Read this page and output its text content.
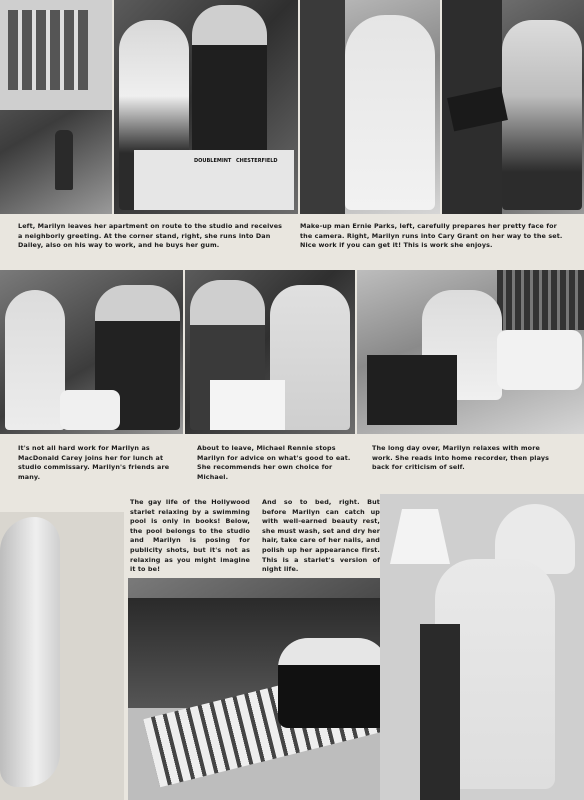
DOUBLEMINT CHESTERFIELD
Left, Marilyn leaves her apartment on route to the studio and receives a neighborly greeting. At the corner stand, right, she runs into Dan Dailey, also on his way to work, and he buys her gum.
Make-up man Ernie Parks, left, carefully prepares her pretty face for the camera. Right, Marilyn runs into Cary Grant on her way to the set. Nice work if you can get it! This is work she enjoys.
It's not all hard work for Marilyn as MacDonald Carey joins her for lunch at studio commissary. Marilyn's friends are many.
About to leave, Michael Rennie stops Marilyn for advice on what's good to eat. She recommends her own choice for Michael.
The long day over, Marilyn relaxes with more work. She reads into home recorder, then plays back for criticism of self.
The gay life of the Hollywood starlet relaxing by a swimming pool is only in books! Below, the pool belongs to the studio and Marilyn is posing for publicity shots, but it's not as relaxing as you might imagine it to be!
And so to bed, right. But before Marilyn can catch up with well-earned beauty rest, she must wash, set and dry her hair, take care of her nails, and polish up her appearance first. This is a starlet's version of night life.
